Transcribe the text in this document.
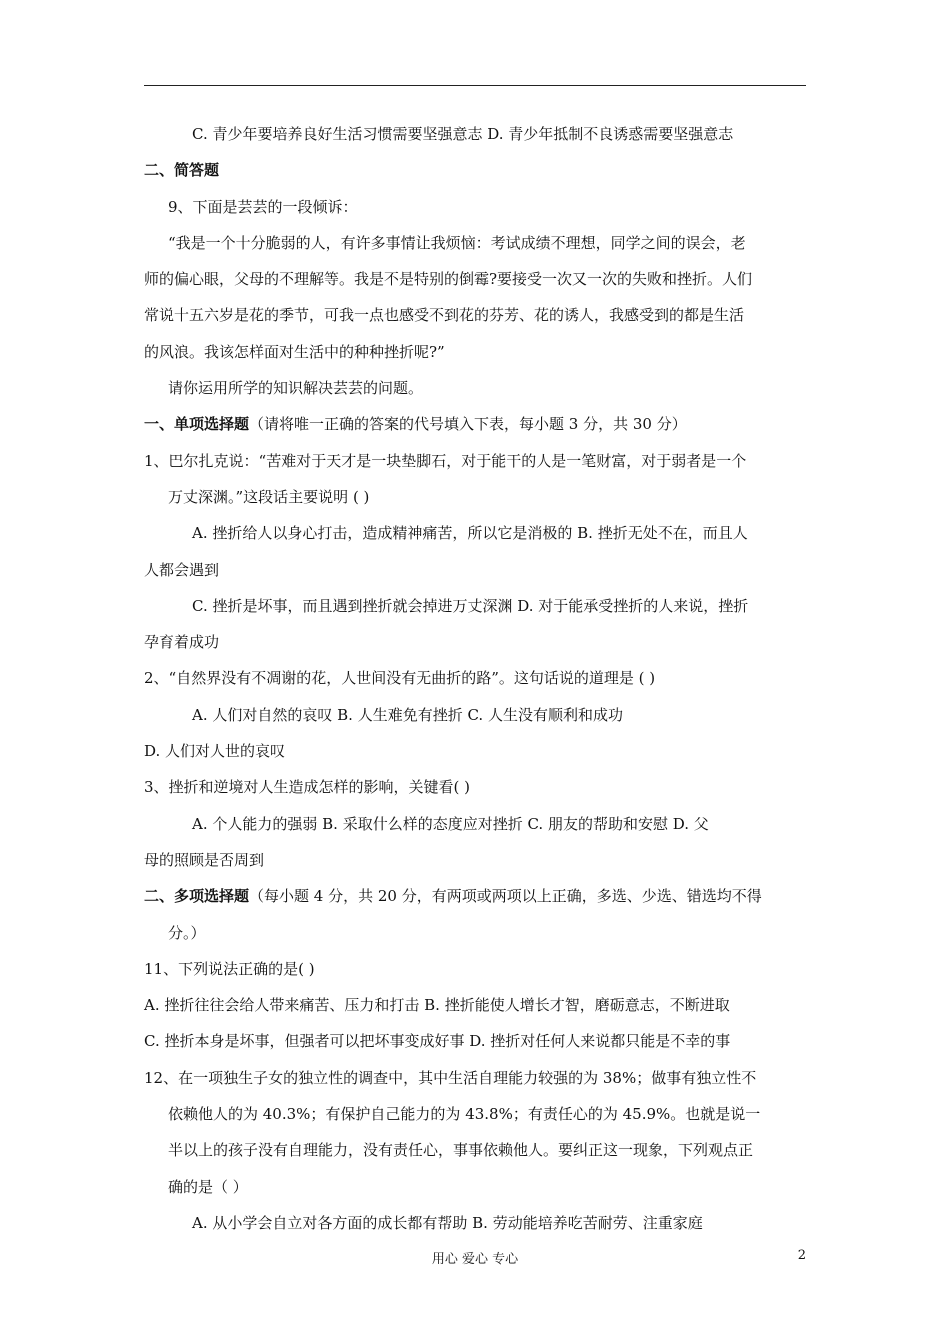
C. 青少年要培养良好生活习惯需要坚强意志 D. 青少年抵制不良诱惑需要坚强意志
二、简答题
9、下面是芸芸的一段倾诉：
“我是一个十分脆弱的人，有许多事情让我烦恼：考试成绩不理想，同学之间的误会，老
师的偏心眼，父母的不理解等。我是不是特别的倒霉?要接受一次又一次的失败和挫折。人们
常说十五六岁是花的季节，可我一点也感受不到花的芬芳、花的诱人，我感受到的都是生活
的风浪。我该怎样面对生活中的种种挫折呢?”
请你运用所学的知识解决芸芸的问题。
一、单项选择题（请将唯一正确的答案的代号填入下表，每小题 3 分，共 30 分）
1、巴尔扎克说：“苦难对于天才是一块垫脚石，对于能干的人是一笔财富，对于弱者是一个
万丈深渊。”这段话主要说明 ( )
A. 挫折给人以身心打击，造成精神痛苦，所以它是消极的 B. 挫折无处不在，而且人
人都会遇到
C. 挫折是坏事，而且遇到挫折就会掉进万丈深渊 D. 对于能承受挫折的人来说，挫折
孕育着成功
2、“自然界没有不凋谢的花，人世间没有无曲折的路”。这句话说的道理是 ( )
A. 人们对自然的哀叹 B. 人生难免有挫折 C. 人生没有顺利和成功
D. 人们对人世的哀叹
3、挫折和逆境对人生造成怎样的影响，关键看( )
A. 个人能力的强弱 B. 采取什么样的态度应对挫折 C. 朋友的帮助和安慰 D. 父
母的照顾是否周到
二、多项选择题（每小题 4 分，共 20 分，有两项或两项以上正确，多选、少选、错选均不得
分。）
11、下列说法正确的是( )
A. 挫折往往会给人带来痛苦、压力和打击 B. 挫折能使人增长才智，磨砺意志，不断进取
C. 挫折本身是坏事，但强者可以把坏事变成好事 D. 挫折对任何人来说都只能是不幸的事
12、在一项独生子女的独立性的调查中，其中生活自理能力较强的为 38%；做事有独立性不
依赖他人的为 40.3%；有保护自己能力的为 43.8%；有责任心的为 45.9%。也就是说一
半以上的孩子没有自理能力，没有责任心，事事依赖他人。要纠正这一现象，下列观点正
确的是（ ）
A. 从小学会自立对各方面的成长都有帮助 B. 劳动能培养吃苦耐劳、注重家庭
用心 爱心 专心	2
